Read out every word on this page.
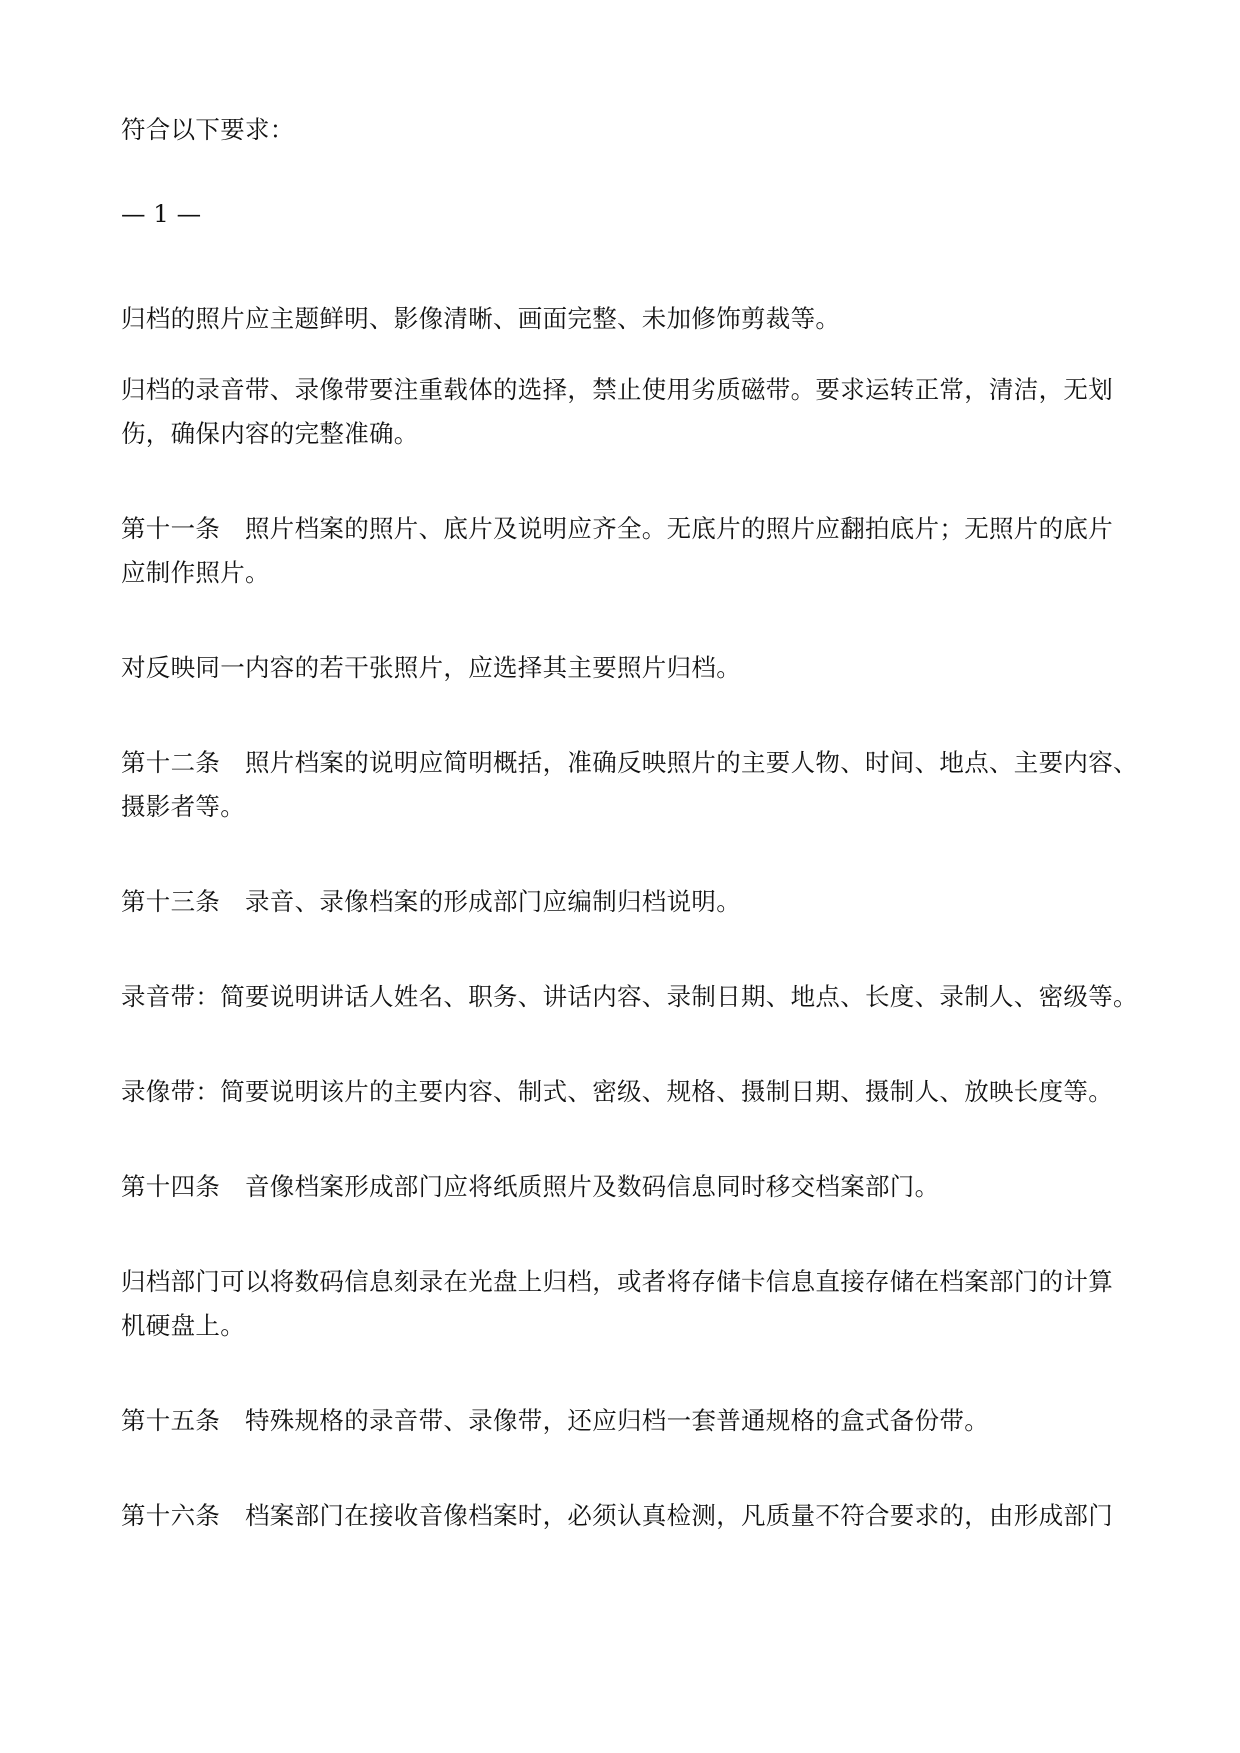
符合以下要求：
— 1 —
归档的照片应主题鲜明、影像清晰、画面完整、未加修饰剪裁等。
归档的录音带、录像带要注重载体的选择，禁止使用劣质磁带。要求运转正常，清洁，无划
伤，确保内容的完整准确。
第十一条　照片档案的照片、底片及说明应齐全。无底片的照片应翻拍底片；无照片的底片
应制作照片。
对反映同一内容的若干张照片，应选择其主要照片归档。
第十二条　照片档案的说明应简明概括，准确反映照片的主要人物、时间、地点、主要内容、
摄影者等。
第十三条　录音、录像档案的形成部门应编制归档说明。
录音带：简要说明讲话人姓名、职务、讲话内容、录制日期、地点、长度、录制人、密级等。
录像带：简要说明该片的主要内容、制式、密级、规格、摄制日期、摄制人、放映长度等。
第十四条　音像档案形成部门应将纸质照片及数码信息同时移交档案部门。
归档部门可以将数码信息刻录在光盘上归档，或者将存储卡信息直接存储在档案部门的计算
机硬盘上。
第十五条　特殊规格的录音带、录像带，还应归档一套普通规格的盒式备份带。
第十六条　档案部门在接收音像档案时，必须认真检测，凡质量不符合要求的，由形成部门
